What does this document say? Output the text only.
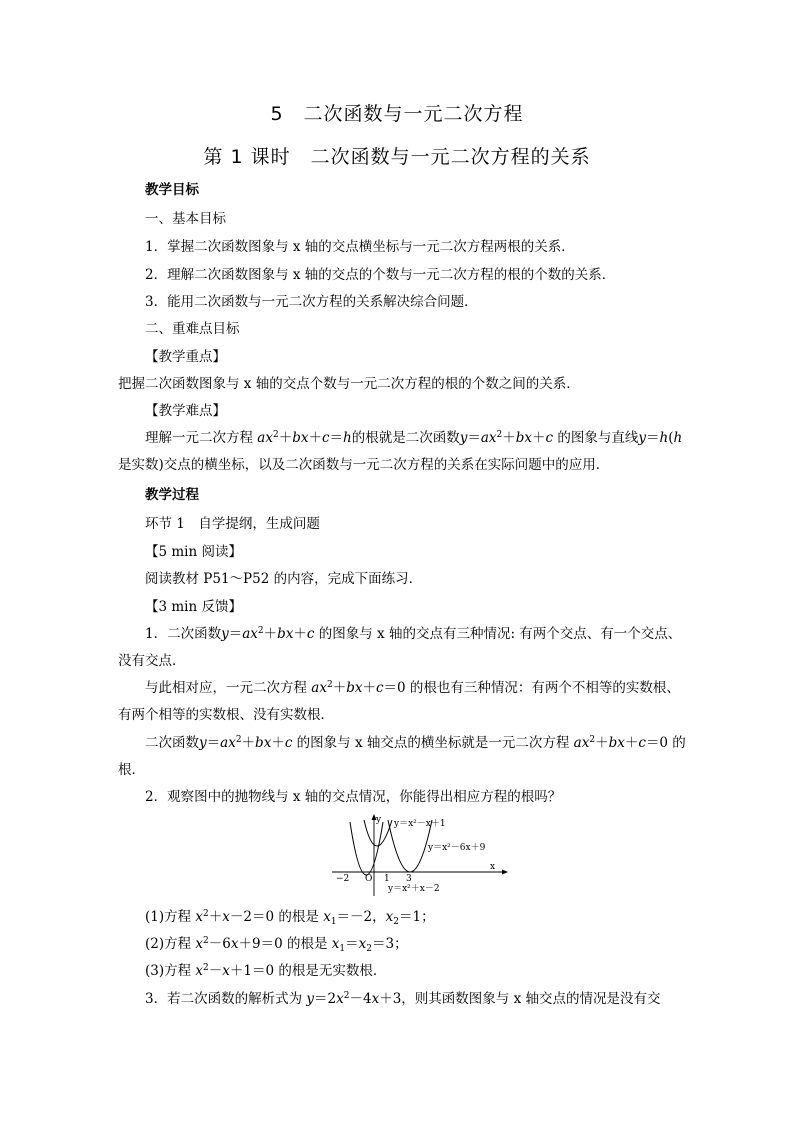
5　二次函数与一元二次方程
第 1 课时　二次函数与一元二次方程的关系
教学目标
一、基本目标
1．掌握二次函数图象与 x 轴的交点横坐标与一元二次方程两根的关系．
2．理解二次函数图象与 x 轴的交点的个数与一元二次方程的根的个数的关系．
3．能用二次函数与一元二次方程的关系解决综合问题．
二、重难点目标
【教学重点】
把握二次函数图象与 x 轴的交点个数与一元二次方程的根的个数之间的关系．
【教学难点】
理解一元二次方程 $ax^2+bx+c=h$的根就是二次函数$y=ax^2+bx+c$ 的图象与直线y＝h(h
是实数)交点的横坐标，以及二次函数与一元二次方程的关系在实际问题中的应用．
教学过程
环节 1　自学提纲，生成问题
【5 min 阅读】
阅读教材 P51～P52 的内容，完成下面练习．
【3 min 反馈】
1．二次函数$y=ax^2+bx+c$ 的图象与 x 轴的交点有三种情况: 有两个交点、有一个交点、
没有交点．
与此相对应，一元二次方程 $ax^2+bx+c=0$ 的根也有三种情况：有两个不相等的实数根、
有两个相等的实数根、没有实数根．
二次函数$y=ax^2+bx+c$ 的图象与 x 轴交点的横坐标就是一元二次方程 $ax^2+bx+c=0$ 的
根．
2．观察图中的抛物线与 x 轴的交点情况，你能得出相应方程的根吗？
y
x
O
y＝x²－x＋1
y＝x²－6x＋9
y＝x²＋x－2
−2	1 3
(1)方程 $x^2+x-2=0$ 的根是 $x_1=-2$，$x_2=1$；
(2)方程 $x^2-6x+9=0$ 的根是 $x_1=x_2=3$；
(3)方程 $x^2-x+1=0$ 的根是无实数根．
3．若二次函数的解析式为 $y=2x^2-4x+3$，则其函数图象与 x 轴交点的情况是没有交
